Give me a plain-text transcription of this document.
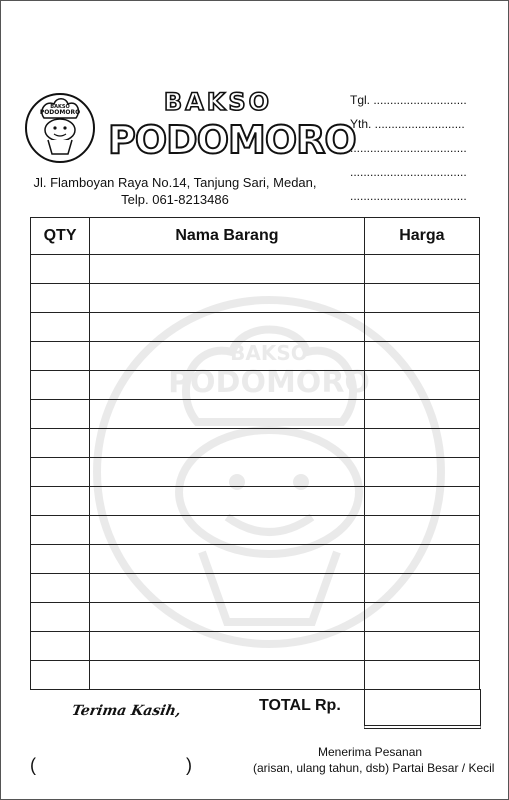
BAKSO
PODOMORO
BAKSO
PODOMORO	BAKSO
PODOMORO
Jl. Flamboyan Raya No.14, Tanjung Sari, Medan,
Telp. 061-8213486
Tgl. ............................
Yth. ...........................
...................................
...................................
...................................
QTY	Nama Barang	Harga

Terima Kasih,	TOTAL Rp.
(	)
Menerima Pesanan
(arisan, ulang tahun, dsb) Partai Besar / Kecil
